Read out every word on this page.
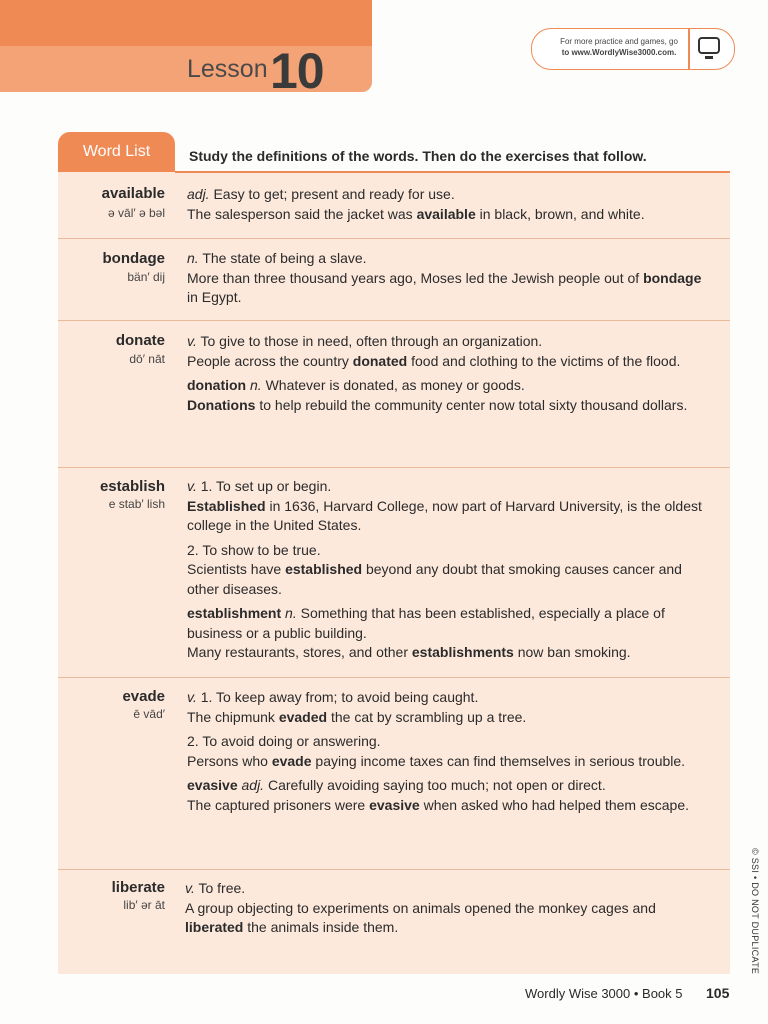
Lesson 10
For more practice and games, go
to www.WordlyWise3000.com.
Word List	Study the definitions of the words. Then do the exercises that follow.
available
ə vāl′ ə bəl

adj. Easy to get; present and ready for use.

The salesperson said the jacket was available in black, brown, and white.

bondage
bän′ dij

n. The state of being a slave.

More than three thousand years ago, Moses led the Jewish people out of bondage in Egypt.

donate
dō′ nāt

v. To give to those in need, often through an organization.

People across the country donated food and clothing to the victims of the flood.

donation n. Whatever is donated, as money or goods.

Donations to help rebuild the community center now total sixty thousand dollars.

establish
e stab′ lish

v. 1. To set up or begin.

Established in 1636, Harvard College, now part of Harvard University, is the oldest college in the United States.

2. To show to be true.

Scientists have established beyond any doubt that smoking causes cancer and other diseases.

establishment n. Something that has been established, especially a place of business or a public building.

Many restaurants, stores, and other establishments now ban smoking.

evade
ē vād′

v. 1. To keep away from; to avoid being caught.

The chipmunk evaded the cat by scrambling up a tree.

2. To avoid doing or answering.

Persons who evade paying income taxes can find themselves in serious trouble.

evasive adj. Carefully avoiding saying too much; not open or direct.

The captured prisoners were evasive when asked who had helped them escape.

liberate
lib′ ər āt

v. To free.

A group objecting to experiments on animals opened the monkey cages and liberated the animals inside them.

Wordly Wise 3000 • Book 5 105
© SSI • DO NOT DUPLICATE
